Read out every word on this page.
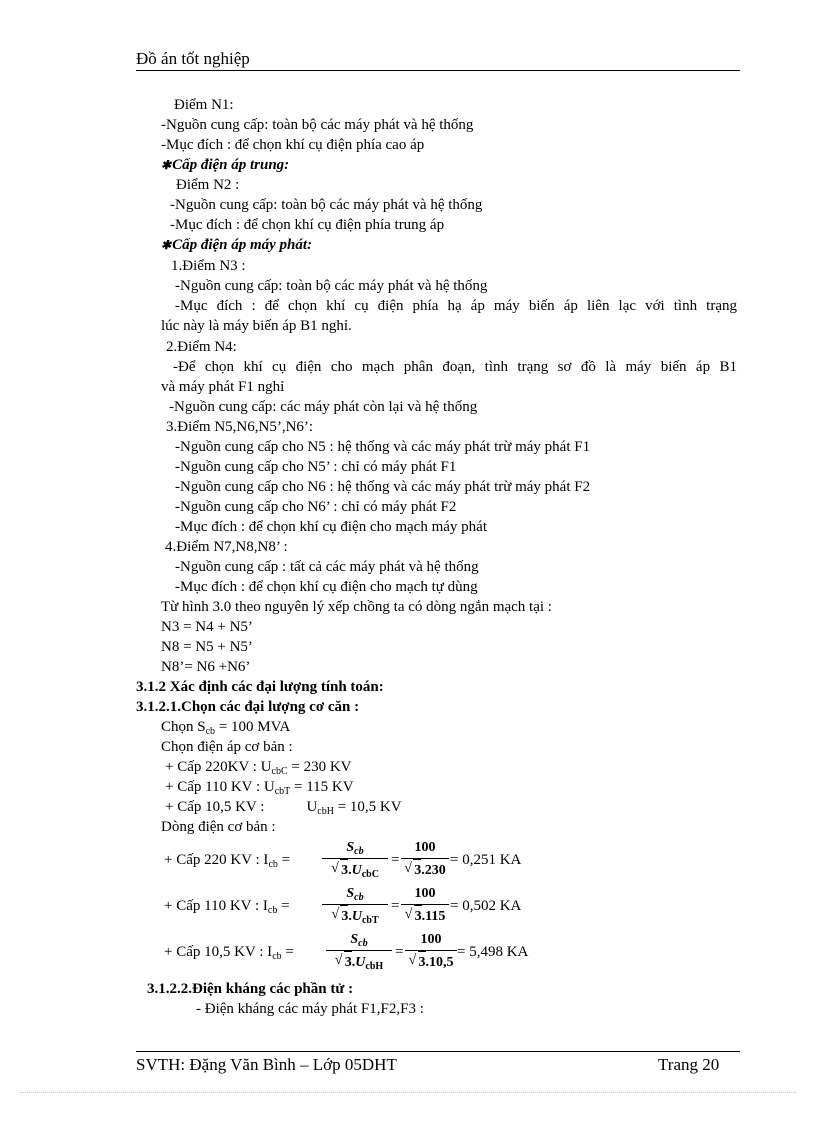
Đồ án tốt nghiệp
Điểm N1:
-Nguồn cung cấp: toàn bộ các máy phát và hệ thống
-Mục đích : để chọn khí cụ điện phía cao áp
✱Cấp điện áp trung:
Điểm N2 :
-Nguồn cung cấp: toàn bộ các máy phát và hệ thống
-Mục đích : để chọn khí cụ điện phía trung áp
✱Cấp điện áp máy phát:
1.Điểm N3 :
-Nguồn cung cấp: toàn bộ các máy phát và hệ thống
-Mục đích : để chọn khí cụ điện phía hạ áp máy biến áp liên lạc với tình trạng
lúc này là máy biến áp B1 nghỉ.
2.Điểm N4:
-Để chọn khí cụ điện cho mạch phân đoạn, tình trạng sơ đồ là máy biến áp B1
và máy phát F1 nghỉ
-Nguồn cung cấp: các máy phát còn lại và hệ thống
3.Điểm N5,N6,N5’,N6’:
-Nguồn cung cấp cho N5 : hệ thống và các máy phát trừ máy phát F1
-Nguồn cung cấp cho N5’ : chỉ có máy phát F1
-Nguồn cung cấp cho N6 : hệ thống và các máy phát trừ máy phát F2
-Nguồn cung cấp cho N6’ : chỉ có máy phát F2
-Mục đích : để chọn khí cụ điện cho mạch máy phát
4.Điểm N7,N8,N8’ :
-Nguồn cung cấp : tất cả các máy phát và hệ thống
-Mục đích : để chọn khí cụ điện cho mạch tự dùng
Từ hình 3.0 theo nguyên lý xếp chồng ta có dòng ngắn mạch tại :
N3 = N4 + N5’
N8 = N5 + N5’
N8’= N6 +N6’
3.1.2 Xác định các đại lượng tính toán:
3.1.2.1.Chọn các đại lượng cơ căn :
Chọn $S_{cb} = 100$ MVA
Chọn điện áp cơ bản :
+ Cấp 220KV : $U_{cbC} = 230$ KV
+ Cấp 110 KV : $U_{cbT} = 115$ KV
+ Cấp 10,5 KV :	$U_{cbH} = 10,5$ KV
Dòng điện cơ bản :
+ Cấp 220 KV : $I_{cb}$ =
$S_{cb}$
√ $3.U_{cbC}$
=
100
√ 3.230
= 0,251 KA
+ Cấp 110 KV : $I_{cb}$ =
$S_{cb}$
√ $3.U_{cbT}$
=
100
√ 3.115
= 0,502 KA
+ Cấp 10,5 KV : $I_{cb}$ =
$S_{cb}$
√ $3.U_{cbH}$
=
100
√ 3.10,5
= 5,498 KA
3.1.2.2.Điện kháng các phần tử :
- Điện kháng các máy phát F1,F2,F3 :
SVTH: Đặng Văn Bình – Lớp 05DHT	Trang 20
